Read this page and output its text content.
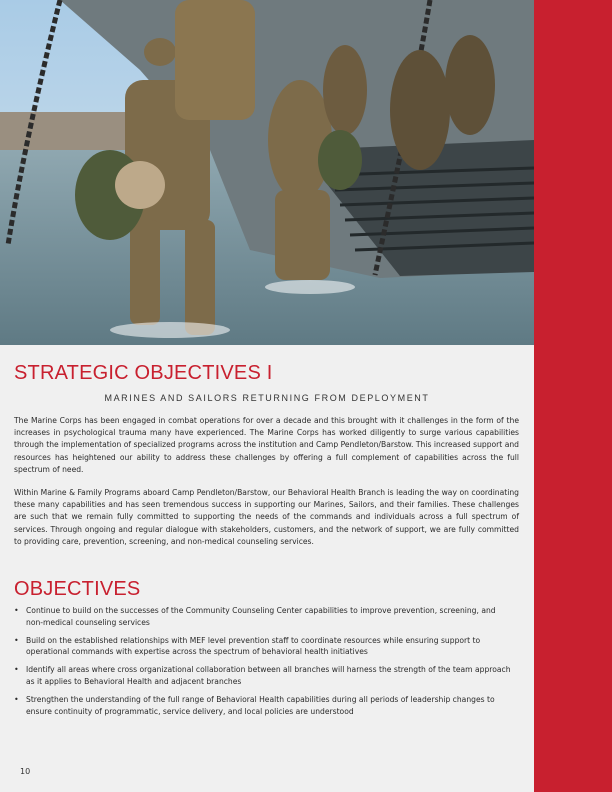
STRATEGIC OBJECTIVES I
MARINES AND SAILORS RETURNING FROM DEPLOYMENT

The Marine Corps has been engaged in combat operations for over a decade and this brought with it challenges in the form of the increases in psychological trauma many have experienced. The Marine Corps has worked diligently to surge various capabilities through the implementation of specialized programs across the institution and Camp Pendleton/Barstow. This increased support and resources has heightened our ability to address these challenges by offering a full complement of capabilities across the full spectrum of need.

Within Marine & Family Programs aboard Camp Pendleton/Barstow, our Behavioral Health Branch is leading the way on coordinating these many capabilities and has seen tremendous success in supporting our Marines, Sailors, and their families. These challenges are such that we remain fully committed to supporting the needs of the commands and individuals across a full spectrum of services. Through ongoing and regular dialogue with stakeholders, customers, and the network of support, we are fully committed to providing care, prevention, screening, and non-medical counseling services.

OBJECTIVES
• Continue to build on the successes of the Community Counseling Center capabilities to improve prevention, screening, and non-medical counseling services
• Build on the established relationships with MEF level prevention staff to coordinate resources while ensuring support to operational commands with expertise across the spectrum of behavioral health initiatives
• Identify all areas where cross organizational collaboration between all branches will harness the strength of the team approach as it applies to Behavioral Health and adjacent branches
• Strengthen the understanding of the full range of Behavioral Health capabilities during all periods of leadership changes to ensure continuity of programmatic, service delivery, and local policies are understood
10
